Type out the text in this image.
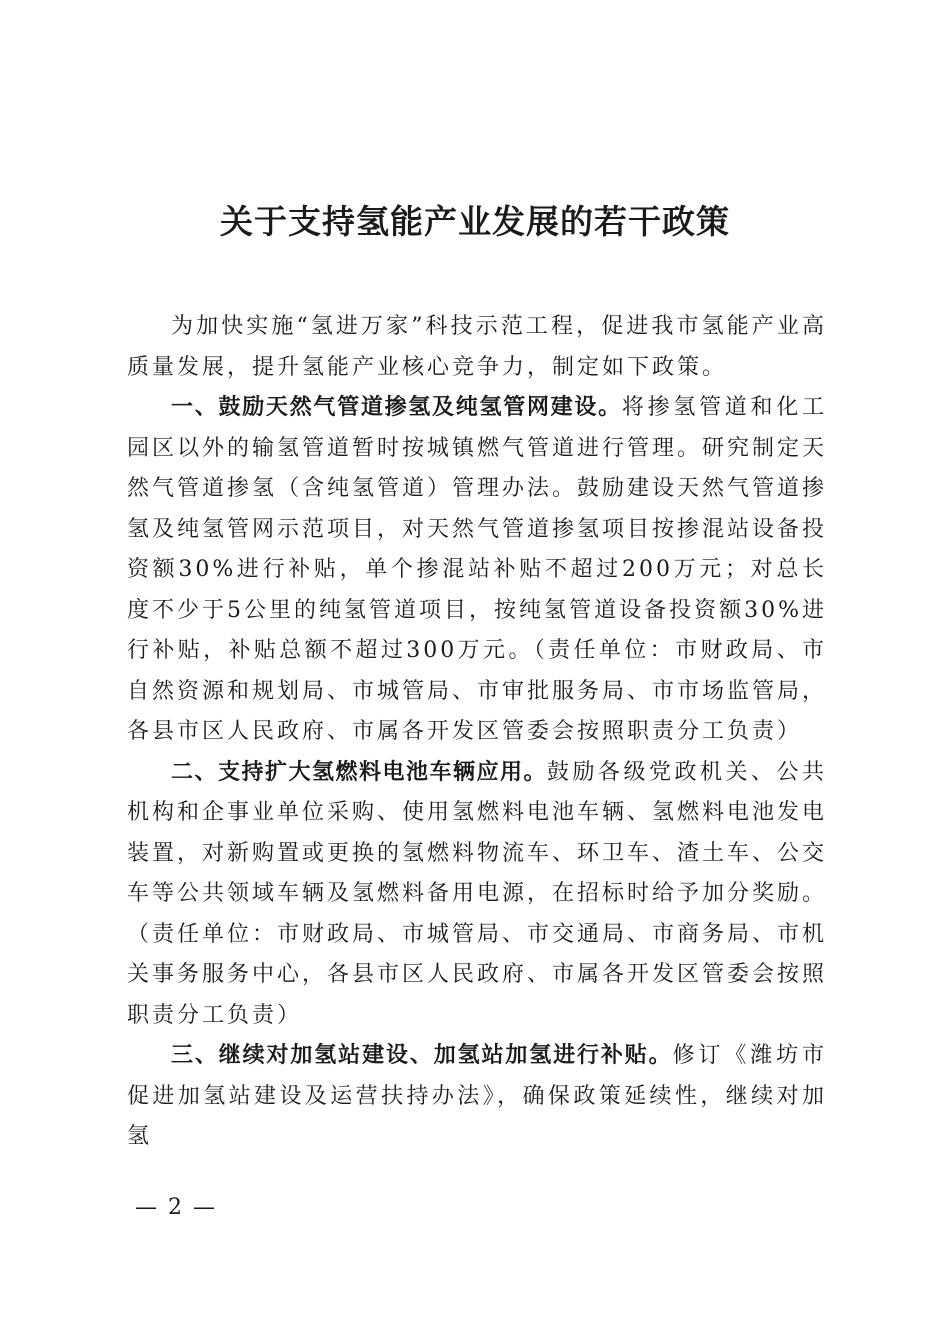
关于支持氢能产业发展的若干政策

为加快实施“氢进万家”科技示范工程，促进我市氢能产业高质量发展，提升氢能产业核心竞争力，制定如下政策。

一、鼓励天然气管道掺氢及纯氢管网建设。将掺氢管道和化工园区以外的输氢管道暂时按城镇燃气管道进行管理。研究制定天然气管道掺氢（含纯氢管道）管理办法。鼓励建设天然气管道掺氢及纯氢管网示范项目，对天然气管道掺氢项目按掺混站设备投资额30%进行补贴，单个掺混站补贴不超过200万元；对总长度不少于5公里的纯氢管道项目，按纯氢管道设备投资额30%进行补贴，补贴总额不超过300万元。（责任单位：市财政局、市自然资源和规划局、市城管局、市审批服务局、市市场监管局，各县市区人民政府、市属各开发区管委会按照职责分工负责）

二、支持扩大氢燃料电池车辆应用。鼓励各级党政机关、公共机构和企事业单位采购、使用氢燃料电池车辆、氢燃料电池发电装置，对新购置或更换的氢燃料物流车、环卫车、渣土车、公交车等公共领域车辆及氢燃料备用电源，在招标时给予加分奖励。（责任单位：市财政局、市城管局、市交通局、市商务局、市机关事务服务中心，各县市区人民政府、市属各开发区管委会按照职责分工负责）

三、继续对加氢站建设、加氢站加氢进行补贴。修订《潍坊市促进加氢站建设及运营扶持办法》，确保政策延续性，继续对加氢

— 2 —
